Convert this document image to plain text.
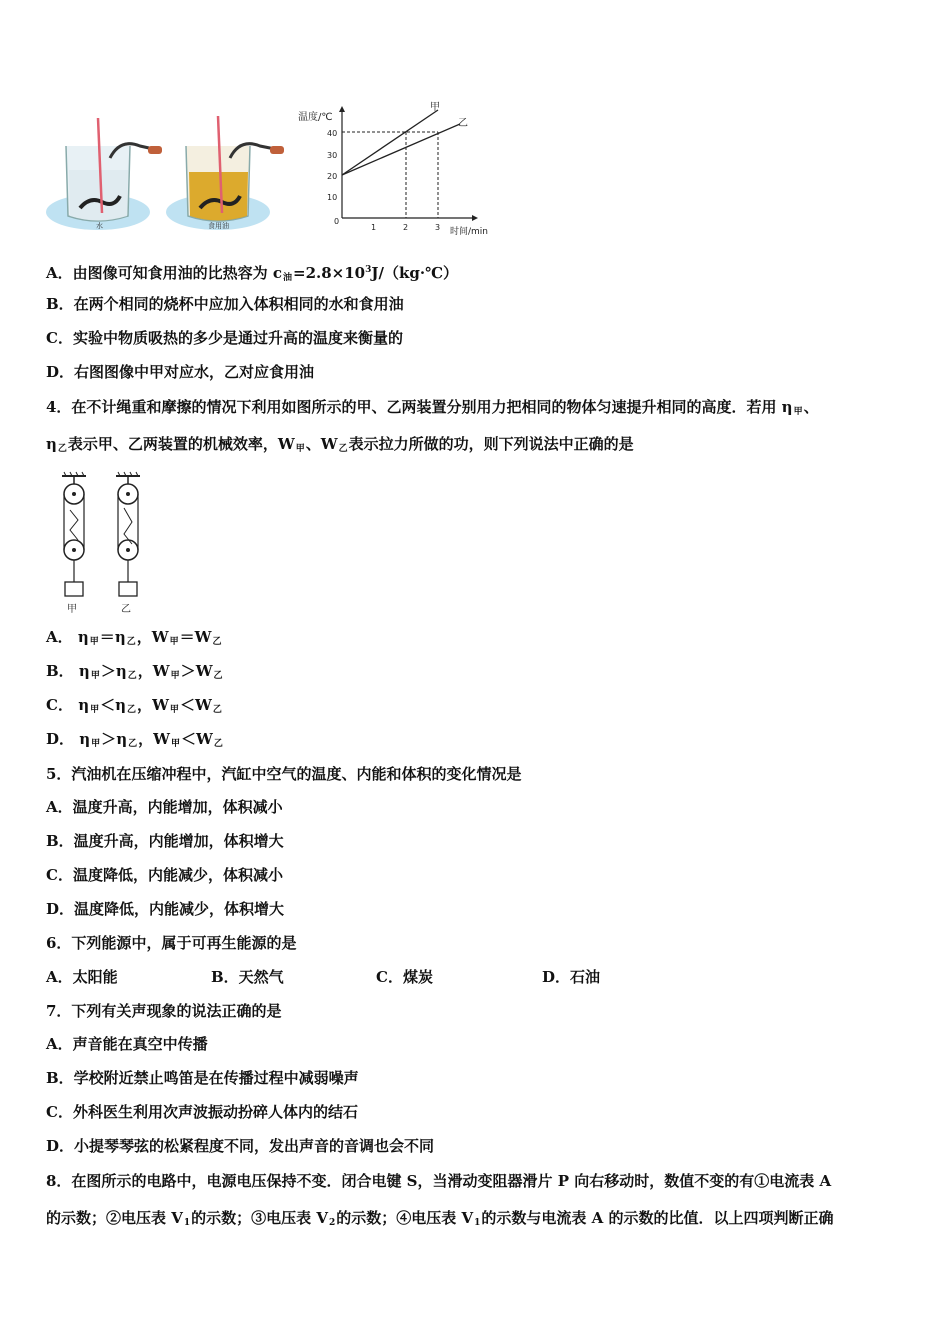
水	食用油
温度/℃
时间/min
0
10
20
30
40
1	2	3
甲
乙
A．由图像可知食用油的比热容为 $c_油=2.8\times 10^3J/(kg\cdot℃)$
B．在两个相同的烧杯中应加入体积相同的水和食用油
C．实验中物质吸热的多少是通过升高的温度来衡量的
D．右图图像中甲对应水，乙对应食用油
4．在不计绳重和摩擦的情况下利用如图所示的甲、乙两装置分别用力把相同的物体匀速提升相同的高度．若用 $\eta_甲$、
$\eta_乙$表示甲、乙两装置的机械效率，$W_甲$、$W_乙$表示拉力所做的功，则下列说法中正确的是
甲	乙
A． $\eta_甲=\eta_乙$，$W_甲=W_乙$
B． $\eta_甲>\eta_乙$，$W_甲>W_乙$
C． $\eta_甲<\eta_乙$，$W_甲<W_乙$
D． $\eta_甲>\eta_乙$，$W_甲<W_乙$
5．汽油机在压缩冲程中，汽缸中空气的温度、内能和体积的变化情况是
A．温度升高，内能增加，体积减小
B．温度升高，内能增加，体积增大
C．温度降低，内能减少，体积减小
D．温度降低，内能减少，体积增大
6．下列能源中，属于可再生能源的是
A．太阳能	B．天然气	C．煤炭	D．石油
7．下列有关声现象的说法正确的是
A．声音能在真空中传播
B．学校附近禁止鸣笛是在传播过程中减弱噪声
C．外科医生利用次声波振动扮碎人体内的结石
D．小提琴琴弦的松紧程度不同，发出声音的音调也会不同
8．在图所示的电路中，电源电压保持不变．闭合电键 S，当滑动变阻器滑片 P 向右移动时，数值不变的有①电流表 A
的示数；②电压表 $V_1$的示数；③电压表 $V_2$的示数；④电压表 $V_1$的示数与电流表 A 的示数的比值．以上四项判断正确
